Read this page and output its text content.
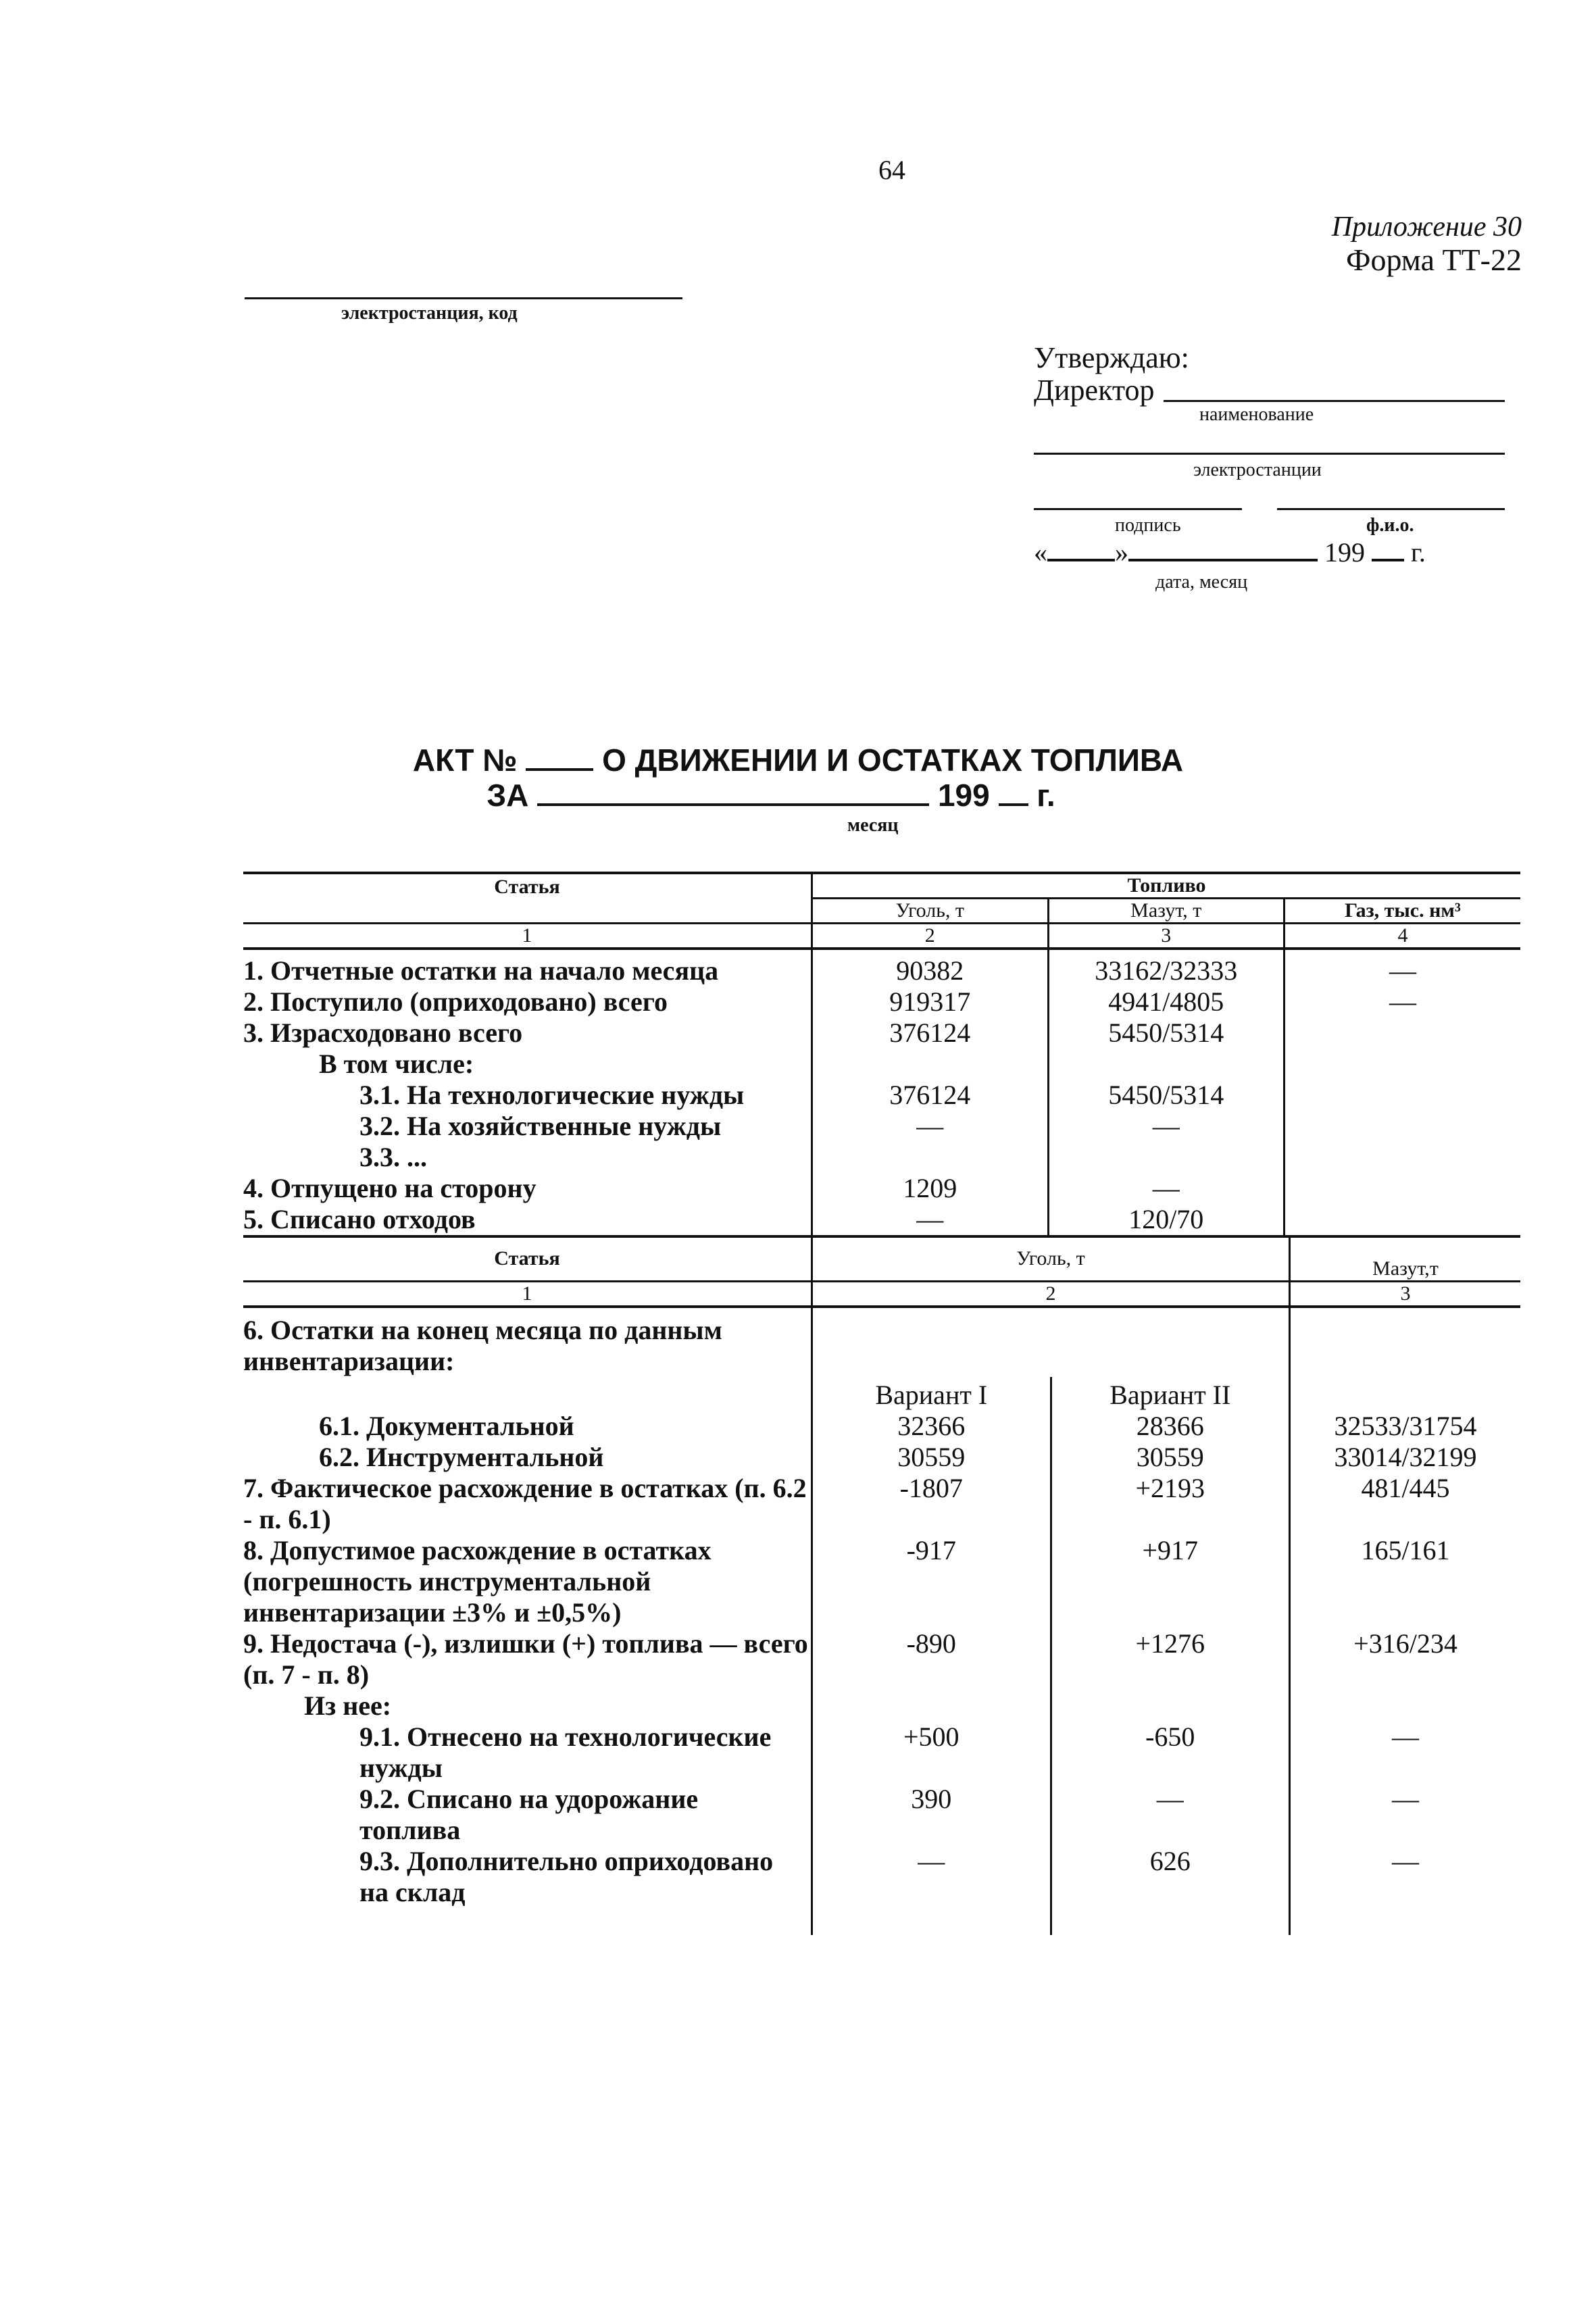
64
Приложение 30
Форма ТТ-22
электростанция, код
Утверждаю:
Директор
наименование
электростанции
подпись	ф.и.о.
«	»	199 г.
дата, месяц
АКТ №	О ДВИЖЕНИИ И ОСТАТКАХ ТОПЛИВА
ЗА	199 г.
месяц
Статья	Топливо		
	Уголь, т	Мазут, т	Газ, тыс. нм³
1	2	3	4
1. Отчетные остатки на начало месяца	90382	33162/32333	—
2. Поступило (оприходовано) всего	919317	4941/4805	—
3. Израсходовано всего	376124	5450/5314	
В том числе:			
3.1. На технологические нужды	376124	5450/5314	
3.2. На хозяйственные нужды	—	—	
3.3. ...			
4. Отпущено на сторону	1209	—	
5. Списано отходов	—	120/70	
Статья	Уголь, т		Мазут,т
1	2		3
6. Остатки на конец месяца по данным инвентаризации:			
	Вариант I	Вариант II	
6.1. Документальной	32366	28366	32533/31754
6.2. Инструментальной	30559	30559	33014/32199
7. Фактическое расхождение в остатках (п. 6.2 - п. 6.1)	-1807	+2193	481/445
8. Допустимое расхождение в остатках (погрешность инструментальной инвентаризации ±3% и ±0,5%)	-917	+917	165/161
9. Недостача (-), излишки (+) топлива — всего (п. 7 - п. 8)	-890	+1276	+316/234
Из нее:			
9.1. Отнесено на технологические нужды	+500	-650	—
9.2. Списано на удорожание топлива	390	—	—
9.3. Дополнительно оприходовано на склад	—	626	—
